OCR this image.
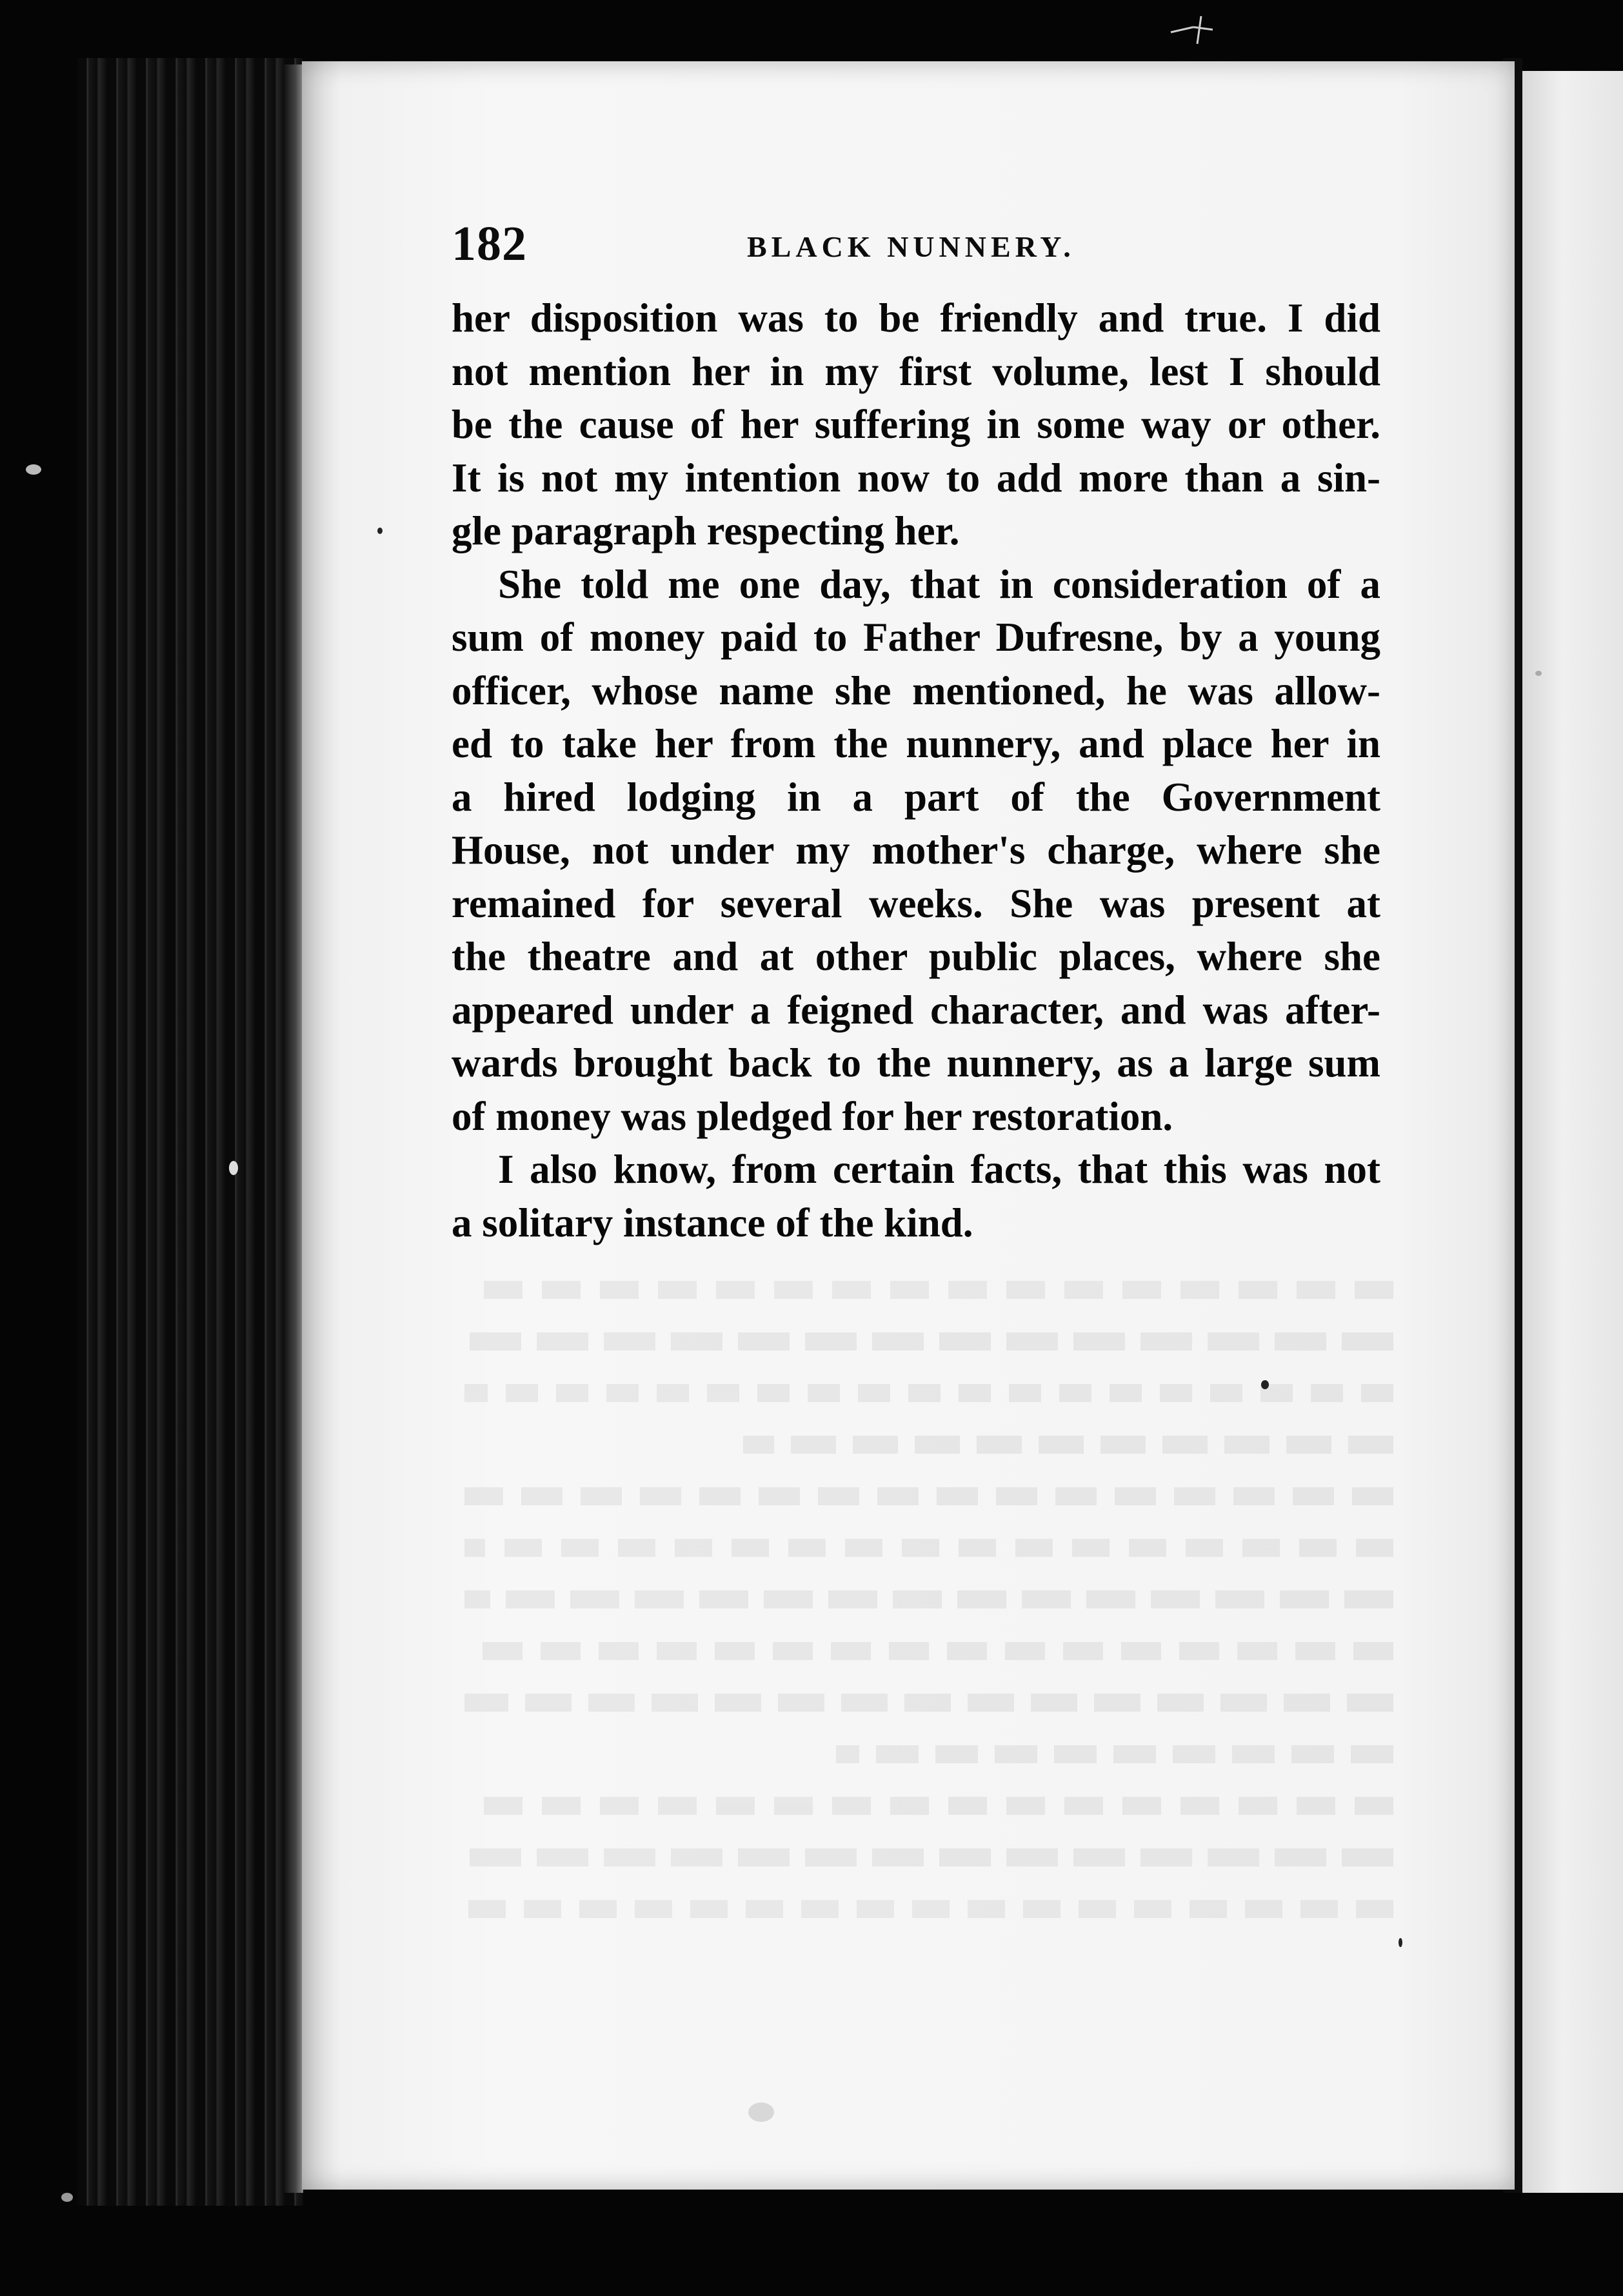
182	BLACK NUNNERY.
her disposition was to be friendly and true. I did
not mention her in my first volume, lest I should
be the cause of her suffering in some way or other.
It is not my intention now to add more than a sin-
gle paragraph respecting her.
She told me one day, that in consideration of a
sum of money paid to Father Dufresne, by a young
officer, whose name she mentioned, he was allow-
ed to take her from the nunnery, and place her in
a hired lodging in a part of the Government
House, not under my mother's charge, where she
remained for several weeks. She was present at
the theatre and at other public places, where she
appeared under a feigned character, and was after-
wards brought back to the nunnery, as a large sum
of money was pledged for her restoration.
I also know, from certain facts, that this was not
a solitary instance of the kind.
